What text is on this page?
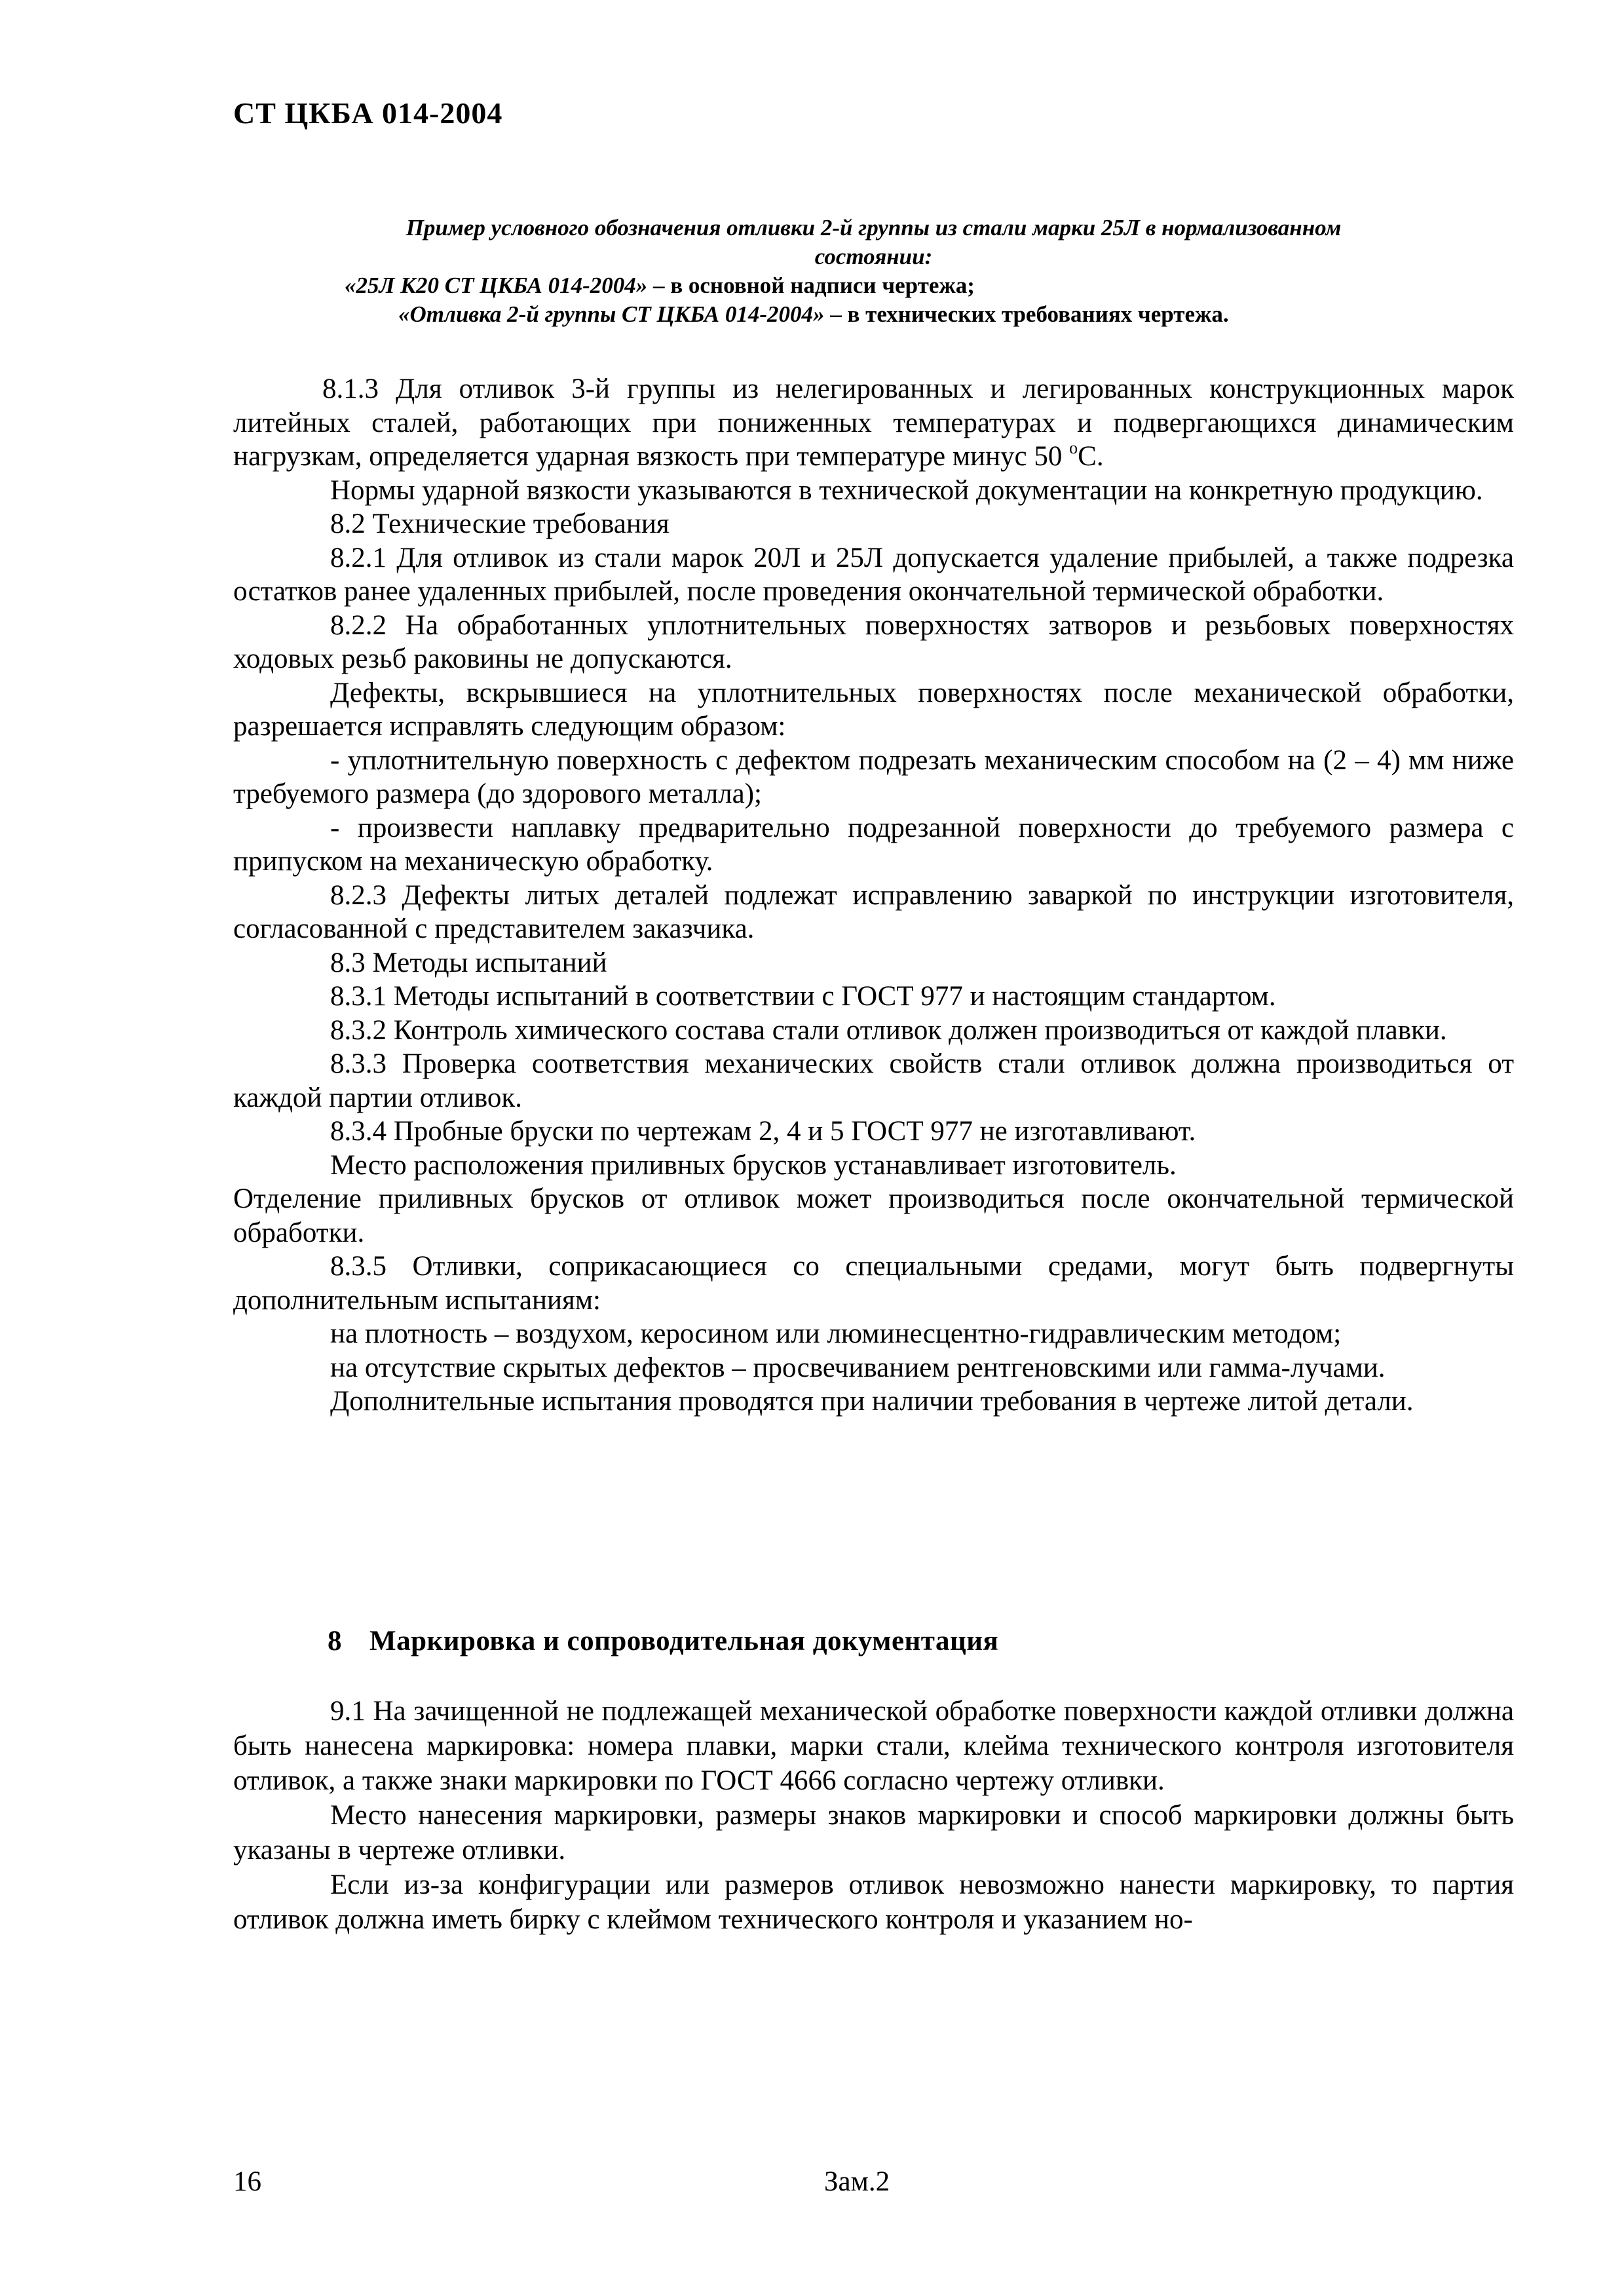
СТ ЦКБА 014-2004
Пример условного обозначения отливки 2-й группы из стали марки 25Л в нормализованном
состоянии:
«25Л К20 СТ ЦКБА 014-2004» – в основной надписи чертежа;
«Отливка 2-й группы СТ ЦКБА 014-2004» – в технических требованиях чертежа.

8.1.3 Для отливок 3-й группы из нелегированных и легированных конструкционных марок литейных сталей, работающих при пониженных температурах и подвергающихся динамическим нагрузкам, определяется ударная вязкость при температуре минус 50 $^о$С.

Нормы ударной вязкости указываются в технической документации на конкретную продукцию.

8.2 Технические требования

8.2.1 Для отливок из стали марок 20Л и 25Л допускается удаление прибылей, а также подрезка остатков ранее удаленных прибылей, после проведения окончательной термической обработки.

8.2.2 На обработанных уплотнительных поверхностях затворов и резьбовых поверхностях ходовых резьб раковины не допускаются.

Дефекты, вскрывшиеся на уплотнительных поверхностях после механической обработки, разрешается исправлять следующим образом:

- уплотнительную поверхность с дефектом подрезать механическим способом на (2 – 4) мм ниже требуемого размера (до здорового металла);

- произвести наплавку предварительно подрезанной поверхности до требуемого размера с припуском на механическую обработку.

8.2.3 Дефекты литых деталей подлежат исправлению заваркой по инструкции изготовителя, согласованной с представителем заказчика.

8.3 Методы испытаний

8.3.1 Методы испытаний в соответствии с ГОСТ 977 и настоящим стандартом.

8.3.2 Контроль химического состава стали отливок должен производиться от каждой плавки.

8.3.3 Проверка соответствия механических свойств стали отливок должна производиться от каждой партии отливок.

8.3.4 Пробные бруски по чертежам 2, 4 и 5 ГОСТ 977 не изготавливают.

Место расположения приливных брусков устанавливает изготовитель.

Отделение приливных брусков от отливок может производиться после окончательной термической обработки.

8.3.5 Отливки, соприкасающиеся со специальными средами, могут быть подвергнуты дополнительным испытаниям:

на плотность – воздухом, керосином или люминесцентно-гидравлическим методом;

на отсутствие скрытых дефектов – просвечиванием рентгеновскими или гамма-лучами.

Дополнительные испытания проводятся при наличии требования в чертеже литой детали.

8 Маркировка и сопроводительная документация

9.1 На зачищенной не подлежащей механической обработке поверхности каждой отливки должна быть нанесена маркировка: номера плавки, марки стали, клейма технического контроля изготовителя отливок, а также знаки маркировки по ГОСТ 4666 согласно чертежу отливки.

Место нанесения маркировки, размеры знаков маркировки и способ маркировки должны быть указаны в чертеже отливки.

Если из-за конфигурации или размеров отливок невозможно нанести маркировку, то партия отливок должна иметь бирку с клеймом технического контроля и указанием но-

16	Зам.2
